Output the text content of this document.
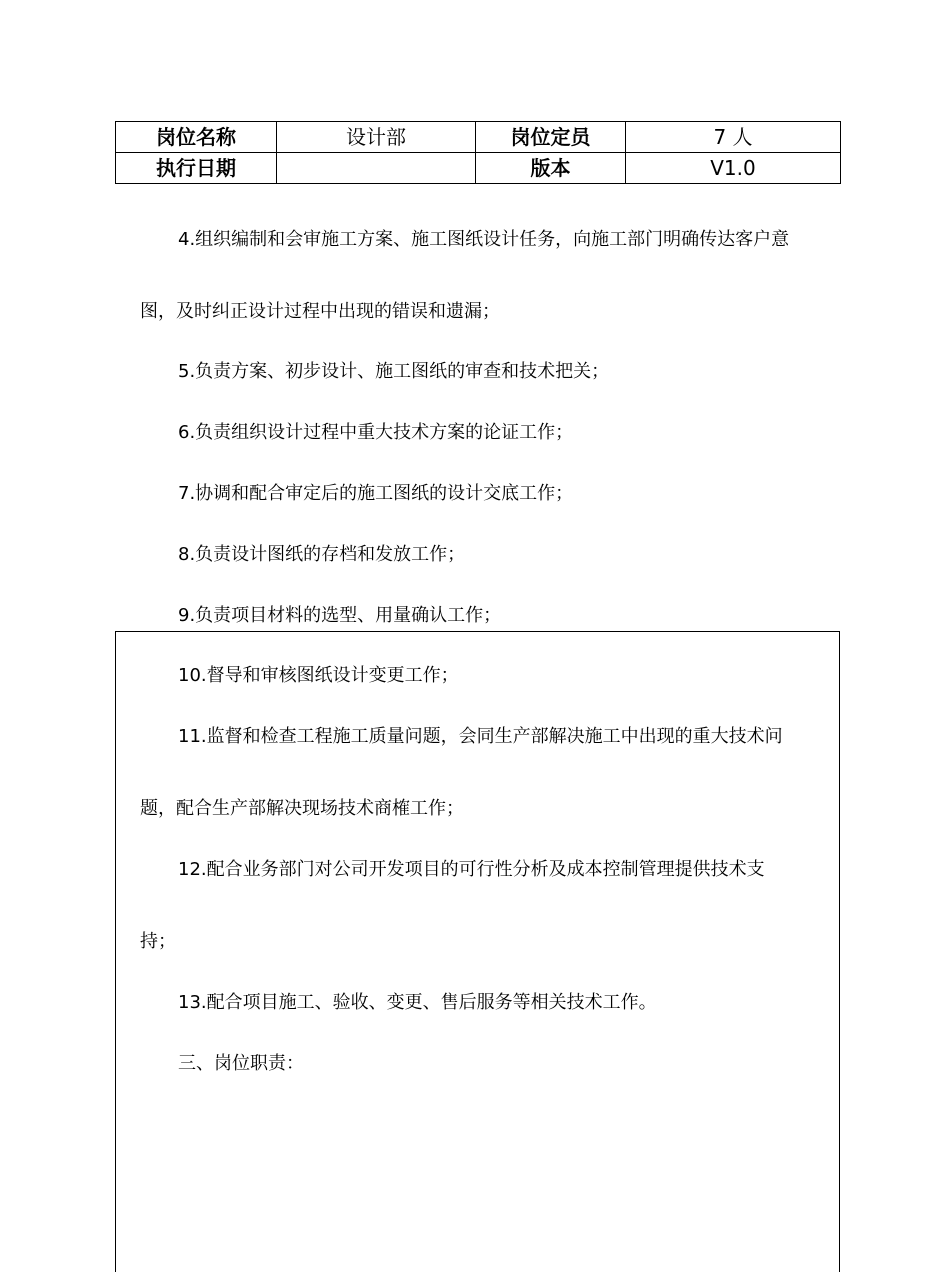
岗位名称	设计部	岗位定员	7 人
执行日期		版本	V1.0
4.组织编制和会审施工方案、施工图纸设计任务，向施工部门明确传达客户意
图，及时纠正设计过程中出现的错误和遗漏；
5.负责方案、初步设计、施工图纸的审查和技术把关；
6.负责组织设计过程中重大技术方案的论证工作；
7.协调和配合审定后的施工图纸的设计交底工作；
8.负责设计图纸的存档和发放工作；
9.负责项目材料的选型、用量确认工作；
10.督导和审核图纸设计变更工作；
11.监督和检查工程施工质量问题，会同生产部解决施工中出现的重大技术问
题，配合生产部解决现场技术商榷工作；
12.配合业务部门对公司开发项目的可行性分析及成本控制管理提供技术支
持；
13.配合项目施工、验收、变更、售后服务等相关技术工作。
三、岗位职责：
